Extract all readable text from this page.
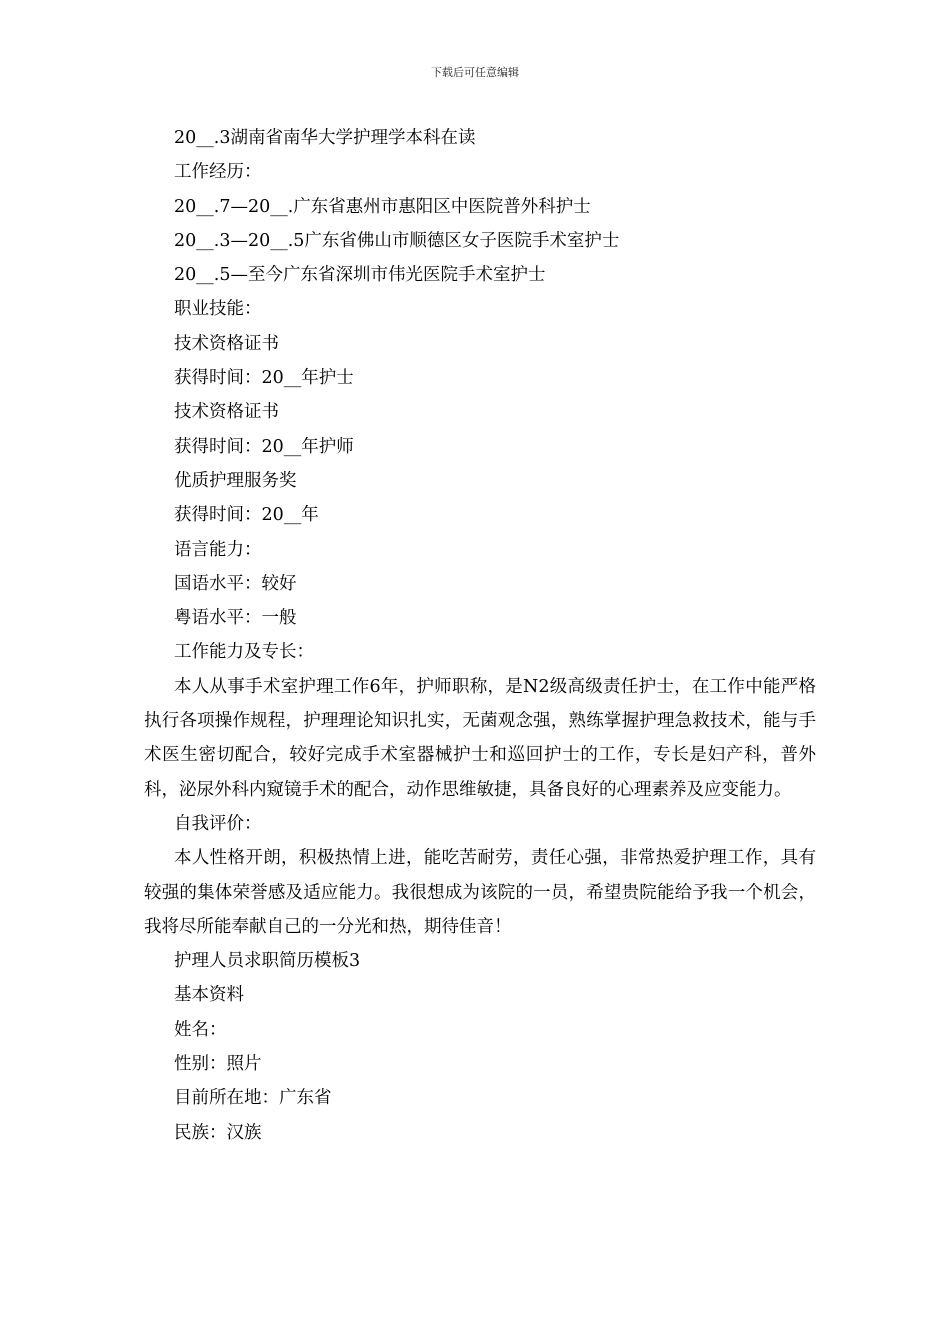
下载后可任意编辑
20__.3湖南省南华大学护理学本科在读
工作经历：
20__.7—20__.广东省惠州市惠阳区中医院普外科护士
20__.3—20__.5广东省佛山市顺德区女子医院手术室护士
20__.5—至今广东省深圳市伟光医院手术室护士
职业技能：
技术资格证书
获得时间：20__年护士
技术资格证书
获得时间：20__年护师
优质护理服务奖
获得时间：20__年
语言能力：
国语水平：较好
粤语水平：一般
工作能力及专长：

本人从事手术室护理工作6年，护师职称，是N2级高级责任护士，在工作中能严格执行各项操作规程，护理理论知识扎实，无菌观念强，熟练掌握护理急救技术，能与手术医生密切配合，较好完成手术室器械护士和巡回护士的工作，专长是妇产科，普外科，泌尿外科内窥镜手术的配合，动作思维敏捷，具备良好的心理素养及应变能力。

自我评价：

本人性格开朗，积极热情上进，能吃苦耐劳，责任心强，非常热爱护理工作，具有较强的集体荣誉感及适应能力。我很想成为该院的一员，希望贵院能给予我一个机会，我将尽所能奉献自己的一分光和热，期待佳音！

护理人员求职简历模板3
基本资料
姓名：
性别：照片
目前所在地：广东省
民族：汉族
